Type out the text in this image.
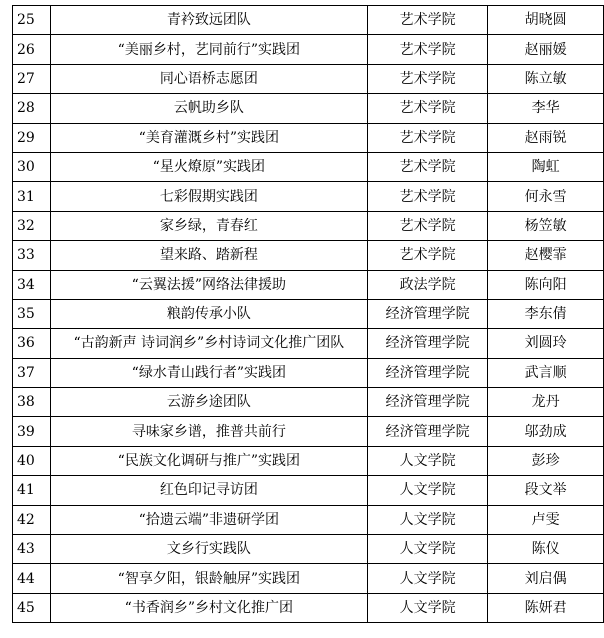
25	青衿致远团队	艺术学院	胡晓圆
26	“美丽乡村，艺同前行”实践团	艺术学院	赵丽媛
27	同心语桥志愿团	艺术学院	陈立敏
28	云帆助乡队	艺术学院	李华
29	“美育灌溉乡村”实践团	艺术学院	赵雨锐
30	“星火燎原”实践团	艺术学院	陶虹
31	七彩假期实践团	艺术学院	何永雪
32	家乡绿，青春红	艺术学院	杨笠敏
33	望来路、踏新程	艺术学院	赵樱霏
34	“云翼法援”网络法律援助	政法学院	陈向阳
35	粮韵传承小队	经济管理学院	李东倩
36	“古韵新声 诗词润乡”乡村诗词文化推广团队	经济管理学院	刘圆玲
37	“绿水青山践行者”实践团	经济管理学院	武言顺
38	云游乡途团队	经济管理学院	龙丹
39	寻味家乡谱，推普共前行	经济管理学院	邬劲成
40	“民族文化调研与推广”实践团	人文学院	彭珍
41	红色印记寻访团	人文学院	段文举
42	“拾遗云端”非遗研学团	人文学院	卢雯
43	文乡行实践队	人文学院	陈仪
44	“智享夕阳，银龄触屏”实践团	人文学院	刘启偶
45	“书香润乡”乡村文化推广团	人文学院	陈妍君
